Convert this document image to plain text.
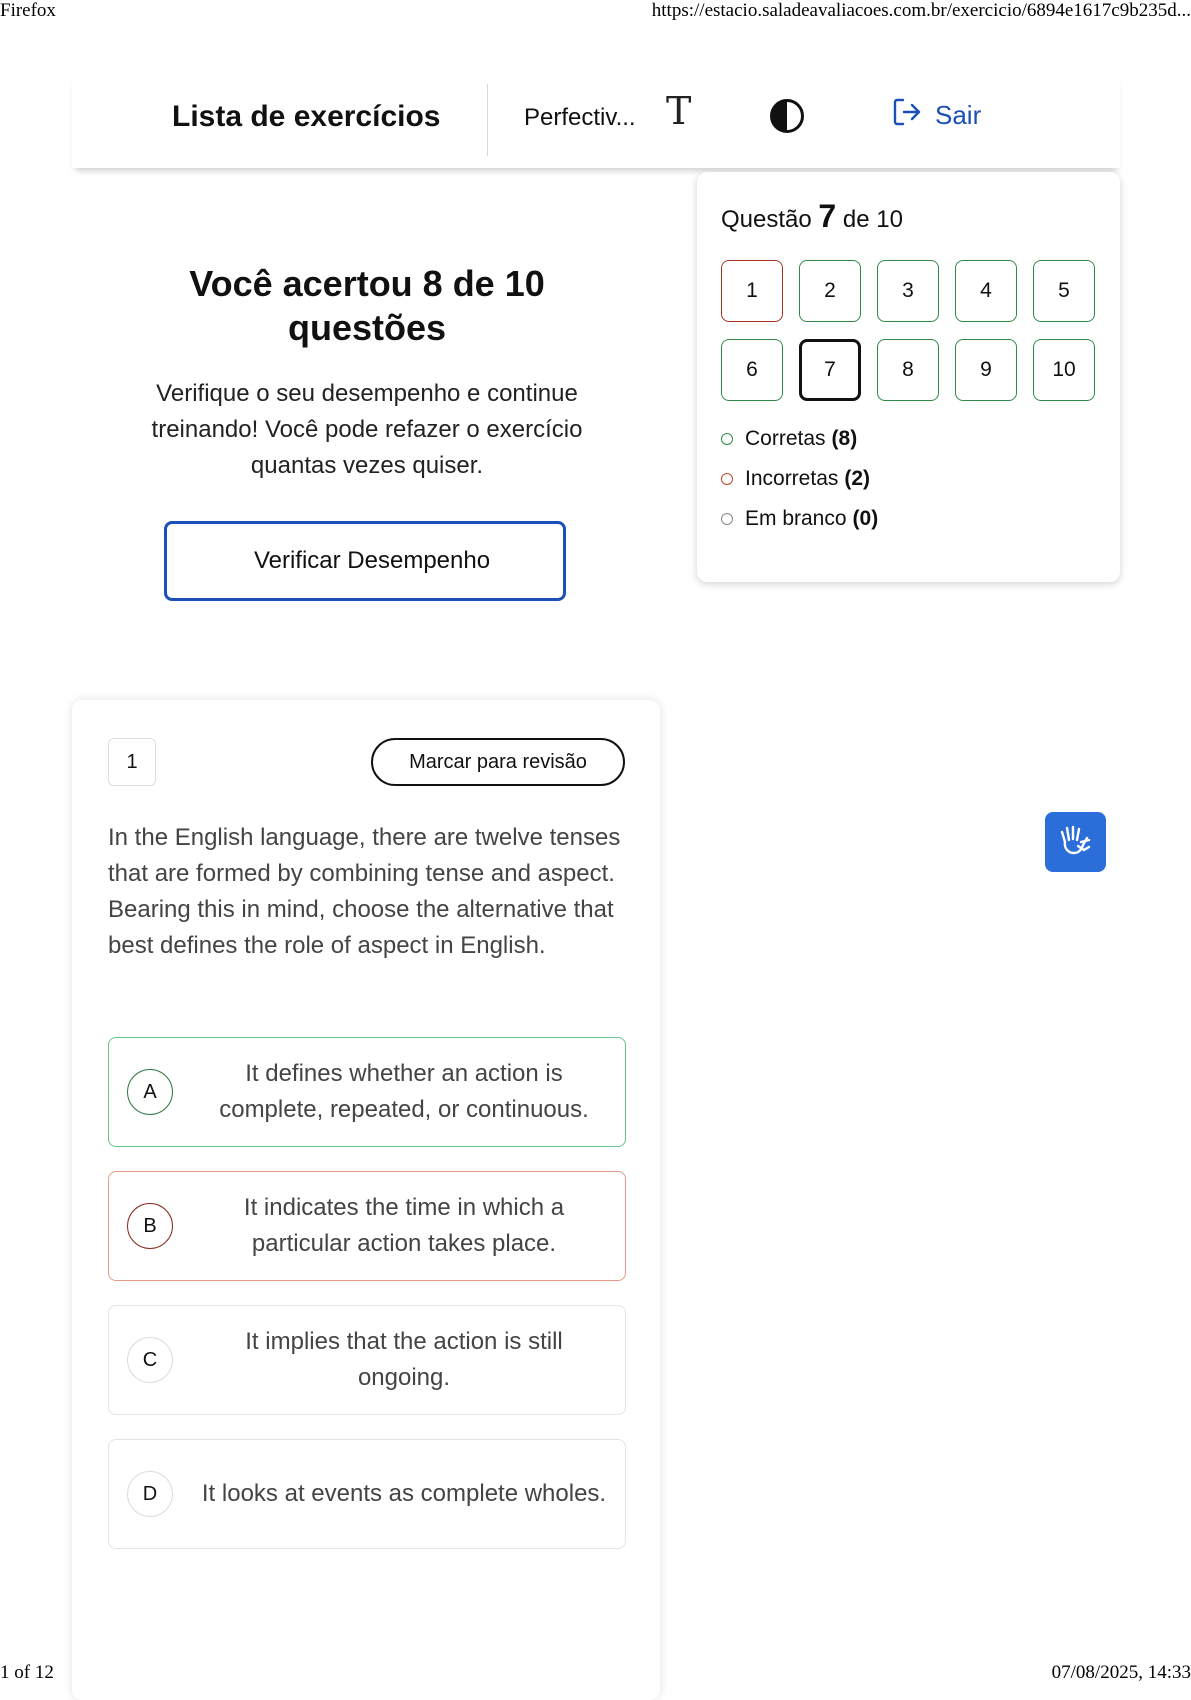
Firefox	https://estacio.saladeavaliacoes.com.br/exercicio/6894e1617c9b235d...
Lista de exercícios	Perfectiv... T	Sair
Você acertou 8 de 10
questões
Verifique o seu desempenho e continue treinando! Você pode refazer o exercício quantas vezes quiser.
Verificar Desempenho
Questão 7 de 10
1	2	3	4	5
6	7	8	9	10
Corretas (8)
Incorretas (2)
Em branco (0)
1	Marcar para revisão
In the English language, there are twelve tenses that are formed by combining tense and aspect. Bearing this in mind, choose the alternative that best defines the role of aspect in English.
A
It defines whether an action is complete, repeated, or continuous.
B
It indicates the time in which a particular action takes place.
C
It implies that the action is still ongoing.
D	It looks at events as complete wholes.
1 of 12	07/08/2025, 14:33
